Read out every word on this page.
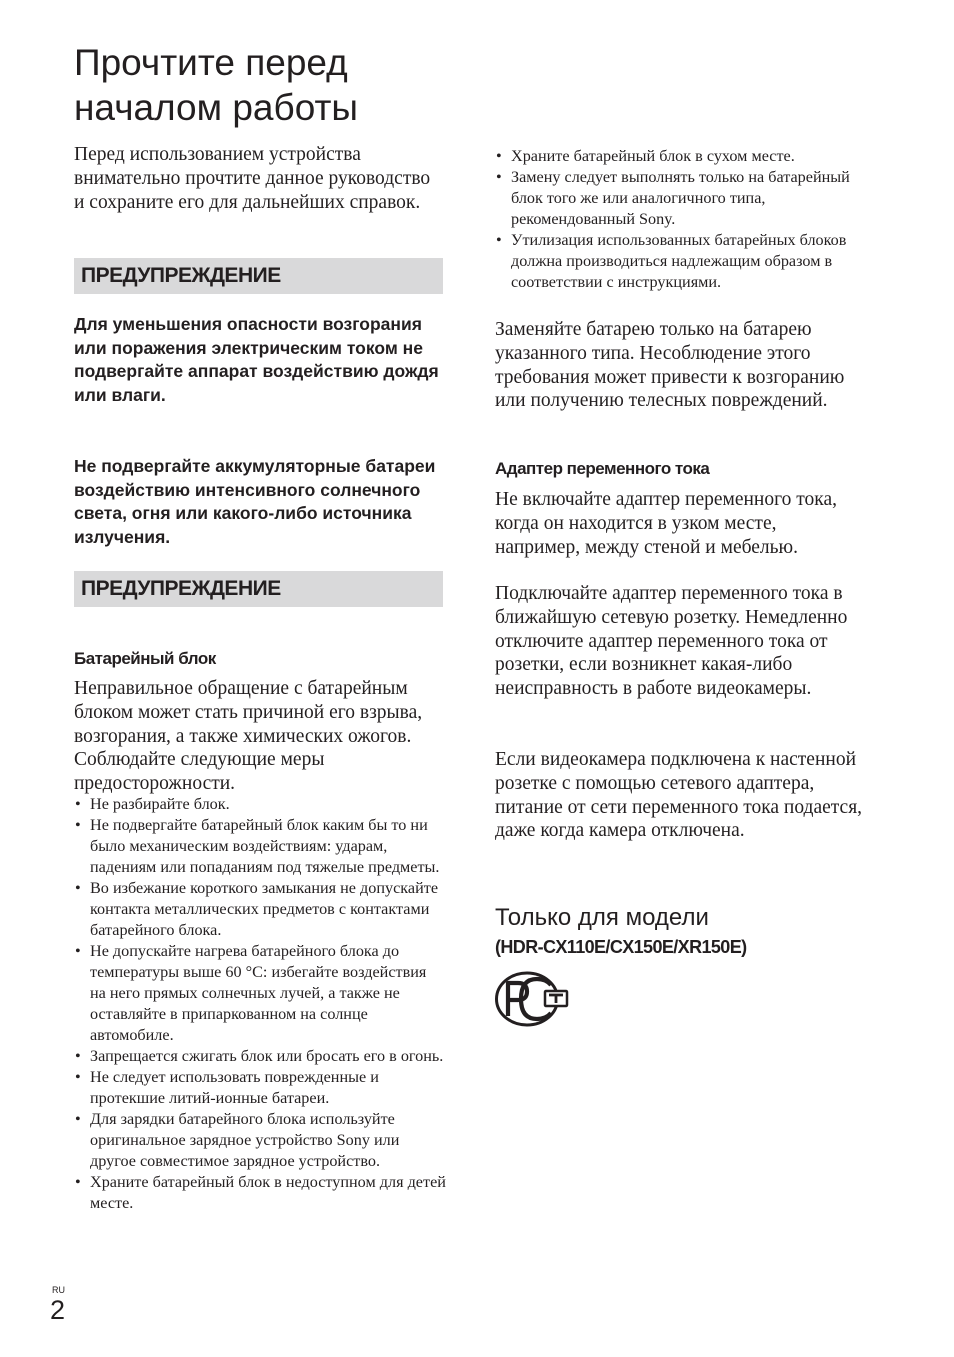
Прочтите перед началом работы
Перед использованием устройства внимательно прочтите данное руководство и сохраните его для дальнейших справок.
ПРЕДУПРЕЖДЕНИЕ
Для уменьшения опасности возгорания или поражения электрическим током не подвергайте аппарат воздействию дождя или влаги.
Не подвергайте аккумуляторные батареи воздействию интенсивного солнечного света, огня или какого-либо источника излучения.
ПРЕДУПРЕЖДЕНИЕ
Батарейный блок
Неправильное обращение с батарейным блоком может стать причиной его взрыва, возгорания, а также химических ожогов. Соблюдайте следующие меры предосторожности.
• Не разбирайте блок.
• Не подвергайте батарейный блок каким бы то ни было механическим воздействиям: ударам, падениям или попаданиям под тяжелые предметы.
• Во избежание короткого замыкания не допускайте контакта металлических предметов с контактами батарейного блока.
• Не допускайте нагрева батарейного блока до температуры выше 60 °C: избегайте воздействия на него прямых солнечных лучей, а также не оставляйте в припаркованном на солнце автомобиле.
• Запрещается сжигать блок или бросать его в огонь.
• Не следует использовать поврежденные и протекшие литий-ионные батареи.
• Для зарядки батарейного блока используйте оригинальное зарядное устройство Sony или другое совместимое зарядное устройство.
• Храните батарейный блок в недоступном для детей месте.
• Храните батарейный блок в сухом месте.
• Замену следует выполнять только на батарейный блок того же или аналогичного типа, рекомендованный Sony.
• Утилизация использованных батарейных блоков должна производиться надлежащим образом в соответствии с инструкциями.
Заменяйте батарею только на батарею указанного типа. Несоблюдение этого требования может привести к возгоранию или получению телесных повреждений.
Адаптер переменного тока
Не включайте адаптер переменного тока, когда он находится в узком месте, например, между стеной и мебелью.
Подключайте адаптер переменного тока в ближайшую сетевую розетку. Немедленно отключите адаптер переменного тока от розетки, если возникнет какая-либо неисправность в работе видеокамеры.
Если видеокамера подключена к настенной розетке с помощью сетевого адаптера, питание от сети переменного тока подается, даже когда камера отключена.
Только для модели
(HDR-CX110E/CX150E/XR150E)
RU
2
